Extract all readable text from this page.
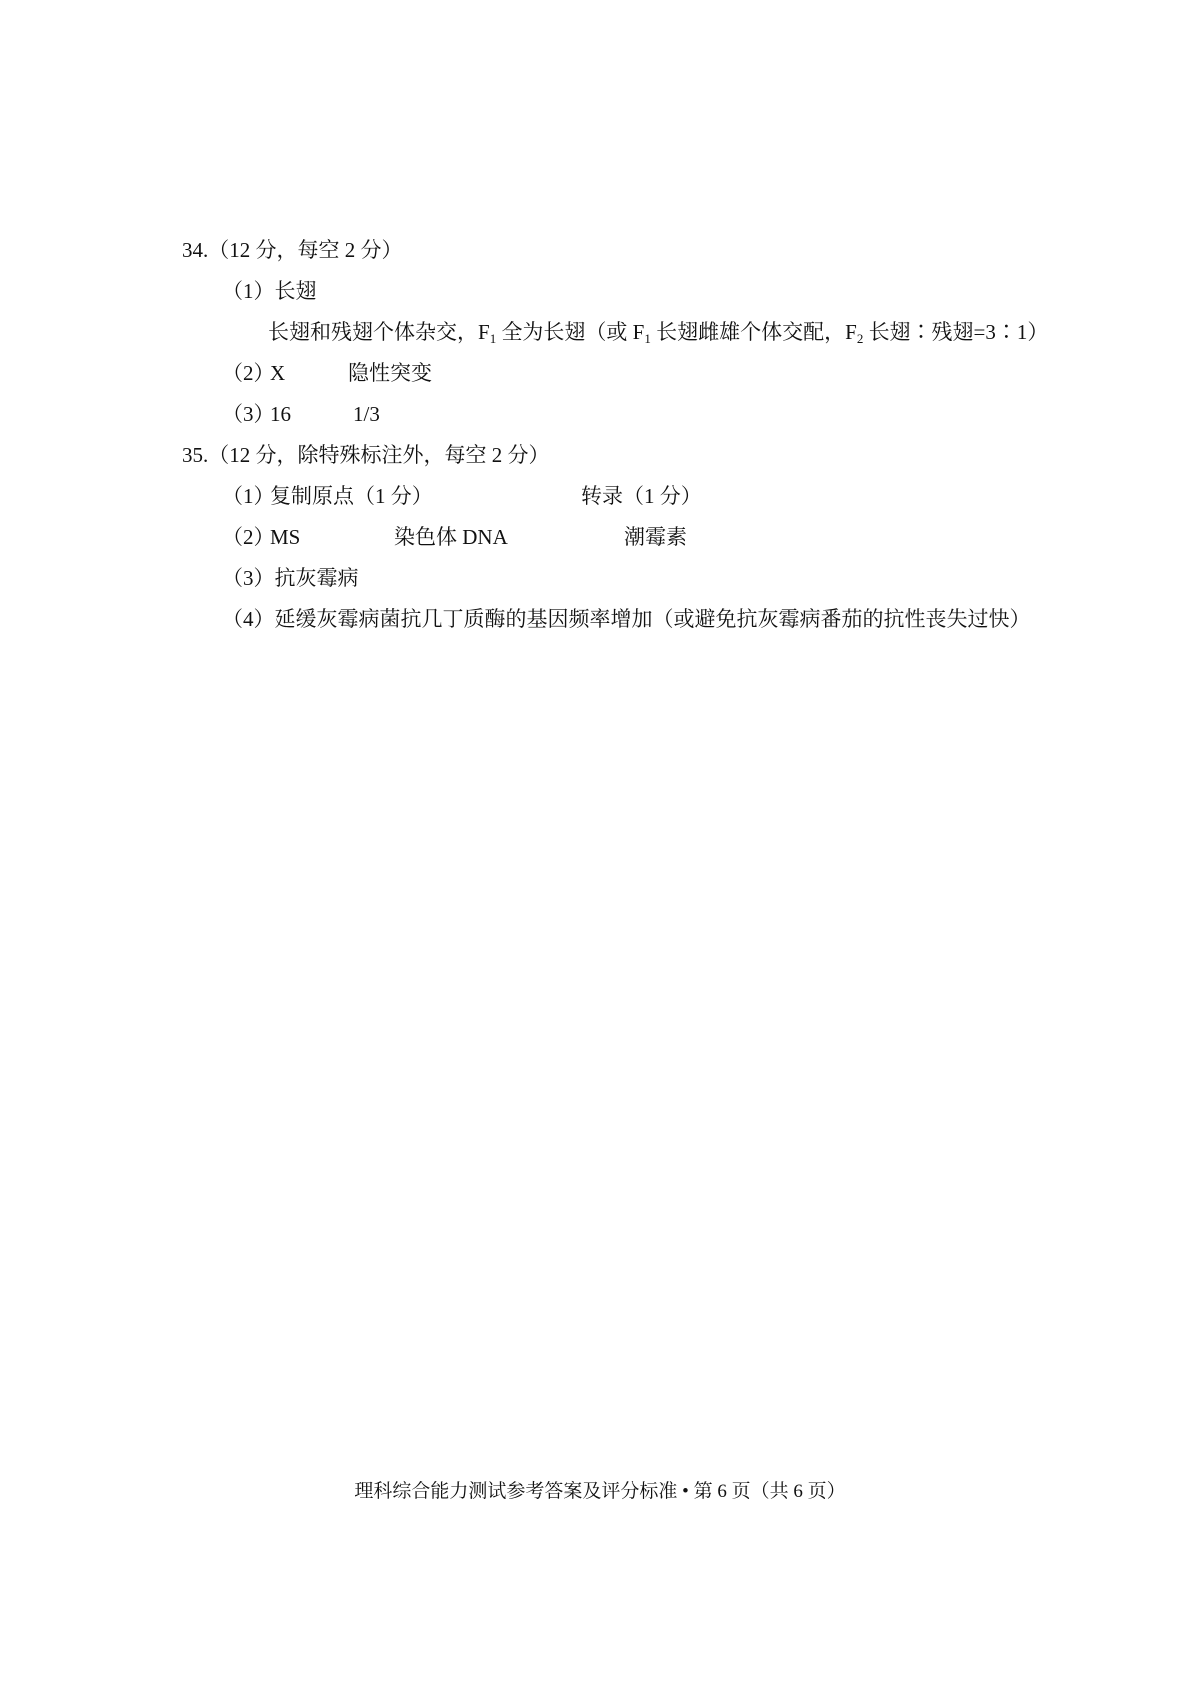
34.（12 分，每空 2 分）
（1）长翅
长翅和残翅个体杂交，$F_1$ 全为长翅（或 $F_1$ 长翅雌雄个体交配，$F_2$ 长翅∶残翅=3∶1）
（2）
X	隐性突变
（3）
16	1/3
35.（12 分，除特殊标注外，每空 2 分）
（1）
复制原点（1 分）	转录（1 分）
（2）
MS	染色体 DNA	潮霉素
（3）抗灰霉病
（4）延缓灰霉病菌抗几丁质酶的基因频率增加（或避免抗灰霉病番茄的抗性丧失过快）
理科综合能力测试参考答案及评分标准 • 第 6 页（共 6 页）
